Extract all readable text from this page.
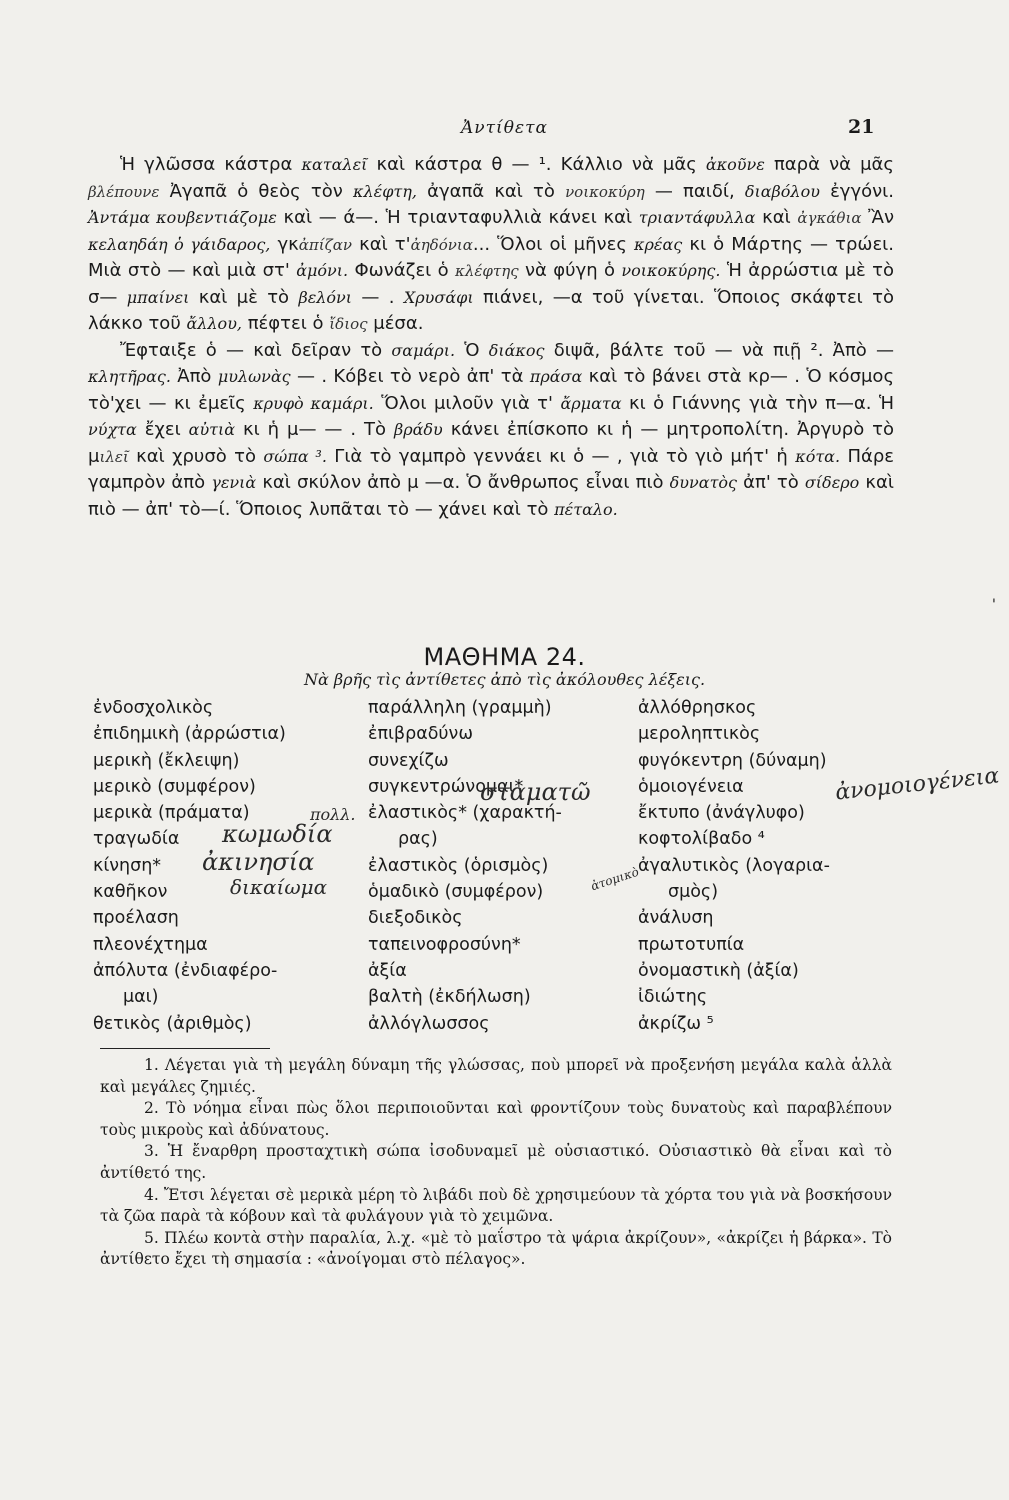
Ἀντίθετα	21

Ἡ γλῶσσα κάστρα καταλεῖ καὶ κάστρα θ — ¹. Κάλλιο νὰ μᾶς ἀκοῦνε παρὰ νὰ μᾶς βλέπουνε Ἀγαπᾶ ὁ θεὸς τὸν κλέφτη, ἀγαπᾶ καὶ τὸ νοικοκύρη — παιδί, διαβόλου ἐγγόνι. Ἀντάμα κουβεντιάζομε καὶ — ά—. Ἡ τριανταφυλλιὰ κάνει καὶ τριαντάφυλλα καὶ ἀγκάθια Ἂν κελαηδάη ὁ γάιδαρος, γκἀπίζαν καὶ τ'ἀηδόνια... Ὅλοι οἱ μῆνες κρέας κι ὁ Μάρτης — τρώει. Μιὰ στὸ — καὶ μιὰ στ' ἀμόνι. Φωνάζει ὁ κλέφτης νὰ φύγη ὁ νοικοκύρης. Ἡ ἀρρώστια μὲ τὸ σ— μπαίνει καὶ μὲ τὸ βελόνι — . Χρυσάφι πιάνει, —α τοῦ γίνεται. Ὅποιος σκάφτει τὸ λάκκο τοῦ ἄλλου, πέφτει ὁ ἴδιος μέσα.

Ἔφταιξε ὁ — καὶ δεῖραν τὸ σαμάρι. Ὁ διάκος διψᾶ, βάλτε τοῦ — νὰ πιῇ ². Ἀπὸ — κλητῆρας. Ἀπὸ μυλωνὰς — . Κόβει τὸ νερὸ ἀπ' τὰ πράσα καὶ τὸ βάνει στὰ κρ— . Ὁ κόσμος τὸ'χει — κι ἐμεῖς κρυφὸ καμάρι. Ὅλοι μιλοῦν γιὰ τ' ἄρματα κι ὁ Γιάννης γιὰ τὴν π—α. Ἡ νύχτα ἔχει αὐτιὰ κι ἡ μ— — . Τὸ βράδυ κάνει ἐπίσκοπο κι ἡ — μητροπολίτη. Ἀργυρὸ τὸ μιλεῖ καὶ χρυσὸ τὸ σώπα ³. Γιὰ τὸ γαμπρὸ γεννάει κι ὁ — , γιὰ τὸ γιὸ μήτ' ἡ κότα. Πάρε γαμπρὸν ἀπὸ γενιὰ καὶ σκύλον ἀπὸ μ —α. Ὁ ἄνθρωπος εἶναι πιὸ δυνατὸς ἀπ' τὸ σίδερο καὶ πιὸ — ἀπ' τὸ—ί. Ὅποιος λυπᾶται τὸ — χάνει καὶ τὸ πέταλο.

ΜΑΘΗΜΑ 24.
Νὰ βρῆς τὶς ἀντίθετες ἀπὸ τὶς ἀκόλουθες λέξεις.
ἐνδοσχολικὸς
ἐπιδημικὴ (ἀρρώστια)
μερικὴ (ἔκλειψη)
μερικὸ (συμφέρον)
μερικὰ (πράματα)
τραγωδία
κίνηση*
καθῆκον
προέλαση
πλεονέχτημα
ἀπόλυτα (ἐνδιαφέρο-
μαι)
θετικὸς (ἀριθμὸς)
παράλληλη (γραμμὴ)
ἐπιβραδύνω
συνεχίζω
συγκεντρώνομαι*
ἐλαστικὸς* (χαρακτή-
ρας)
ἐλαστικὸς (ὁρισμὸς)
ὁμαδικὸ (συμφέρον)
διεξοδικὸς
ταπεινοφροσύνη*
ἀξία
βαλτὴ (ἐκδήλωση)
ἀλλόγλωσσος
ἀλλόθρησκος
μεροληπτικὸς
φυγόκεντρη (δύναμη)
ὁμοιογένεια
ἔκτυπο (ἀνάγλυφο)
κοφτολίβαδο ⁴
ἀγαλυτικὸς (λογαρια-
σμὸς)
ἀνάλυση
πρωτοτυπία
ὀνομαστικὴ (ἀξία)
ἰδιώτης
ἀκρίζω ⁵
σταματῶ
πολλ.
ἀνομοιογένεια
κωμωδία
ἀκινησία
δικαίωμα	ἀτομικὸ
'

1. Λέγεται γιὰ τὴ μεγάλη δύναμη τῆς γλώσσας, ποὺ μπορεῖ νὰ προξενήση μεγάλα καλὰ ἀλλὰ καὶ μεγάλες ζημιές.

2. Τὸ νόημα εἶναι πὼς ὅλοι περιποιοῦνται καὶ φροντίζουν τοὺς δυνατοὺς καὶ παραβλέπουν τοὺς μικροὺς καὶ ἀδύνατους.

3. Ἡ ἔναρθρη προσταχτικὴ σώπα ἰσοδυναμεῖ μὲ οὐσιαστικό. Οὐσιαστικὸ θὰ εἶναι καὶ τὸ ἀντίθετό της.

4. Ἔτσι λέγεται σὲ μερικὰ μέρη τὸ λιβάδι ποὺ δὲ χρησιμεύουν τὰ χόρτα του γιὰ νὰ βοσκήσουν τὰ ζῶα παρὰ τὰ κόβουν καὶ τὰ φυλάγουν γιὰ τὸ χειμῶνα.

5. Πλέω κοντὰ στὴν παραλία, λ.χ. «μὲ τὸ μαΐστρο τὰ ψάρια ἀκρίζουν», «ἀκρίζει ἡ βάρκα». Τὸ ἀντίθετο ἔχει τὴ σημασία : «ἀνοίγομαι στὸ πέλαγος».
